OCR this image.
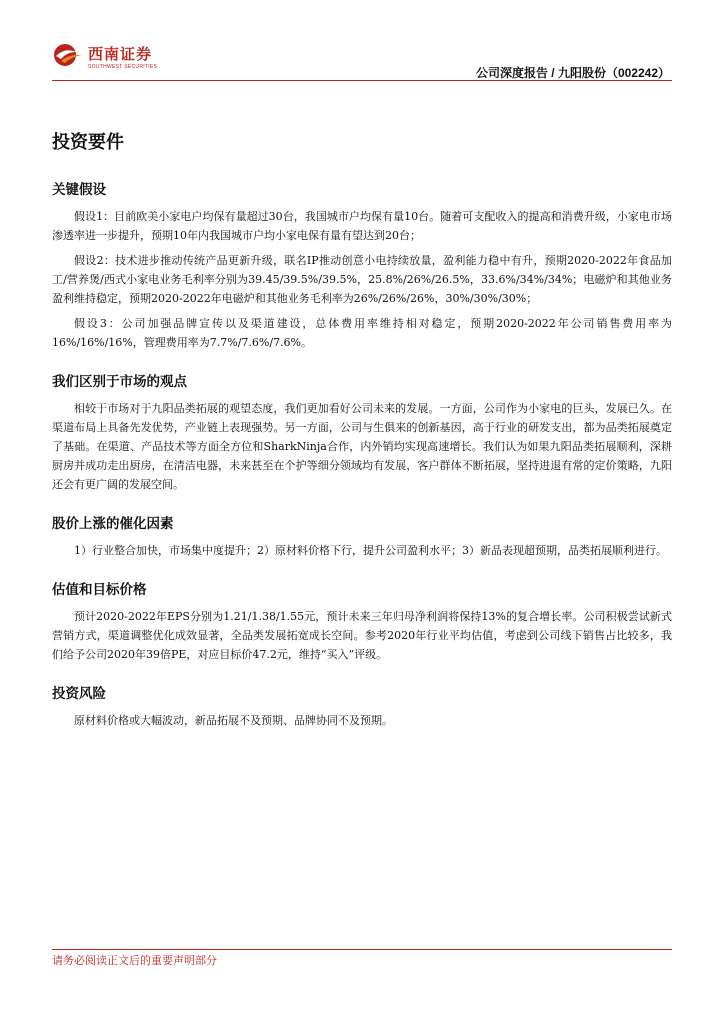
西南证券
SOUTHWEST SECURITIES	公司深度报告 / 九阳股份（002242）
投资要件
关键假设

假设1：目前欧美小家电户均保有量超过30台，我国城市户均保有量10台。随着可支配收入的提高和消费升级，小家电市场渗透率进一步提升，预期10年内我国城市户均小家电保有量有望达到20台；

假设2：技术进步推动传统产品更新升级，联名IP推动创意小电持续放量，盈利能力稳中有升，预期2020-2022年食品加工/营养煲/西式小家电业务毛利率分别为39.45/39.5%/39.5%，25.8%/26%/26.5%，33.6%/34%/34%；电磁炉和其他业务盈利维持稳定，预期2020-2022年电磁炉和其他业务毛利率为26%/26%/26%，30%/30%/30%；

假设3：公司加强品牌宣传以及渠道建设，总体费用率维持相对稳定，预期2020-2022年公司销售费用率为16%/16%/16%，管理费用率为7.7%/7.6%/7.6%。

我们区别于市场的观点

相较于市场对于九阳品类拓展的观望态度，我们更加看好公司未来的发展。一方面，公司作为小家电的巨头，发展已久。在渠道布局上具备先发优势，产业链上表现强势。另一方面，公司与生俱来的创新基因，高于行业的研发支出，都为品类拓展奠定了基础。在渠道、产品技术等方面全方位和SharkNinja合作，内外销均实现高速增长。我们认为如果九阳品类拓展顺利，深耕厨房并成功走出厨房，在清洁电器，未来甚至在个护等细分领域均有发展，客户群体不断拓展，坚持进退有常的定价策略，九阳还会有更广阔的发展空间。

股价上涨的催化因素

1）行业整合加快，市场集中度提升；2）原材料价格下行，提升公司盈利水平；3）新品表现超预期，品类拓展顺利进行。

估值和目标价格

预计2020-2022年EPS分别为1.21/1.38/1.55元，预计未来三年归母净利润将保持13%的复合增长率。公司积极尝试新式营销方式，渠道调整优化成效显著，全品类发展拓宽成长空间。参考2020年行业平均估值，考虑到公司线下销售占比较多，我们给予公司2020年39倍PE，对应目标价47.2元，维持“买入”评级。

投资风险

原材料价格或大幅波动，新品拓展不及预期、品牌协同不及预期。

请务必阅读正文后的重要声明部分
